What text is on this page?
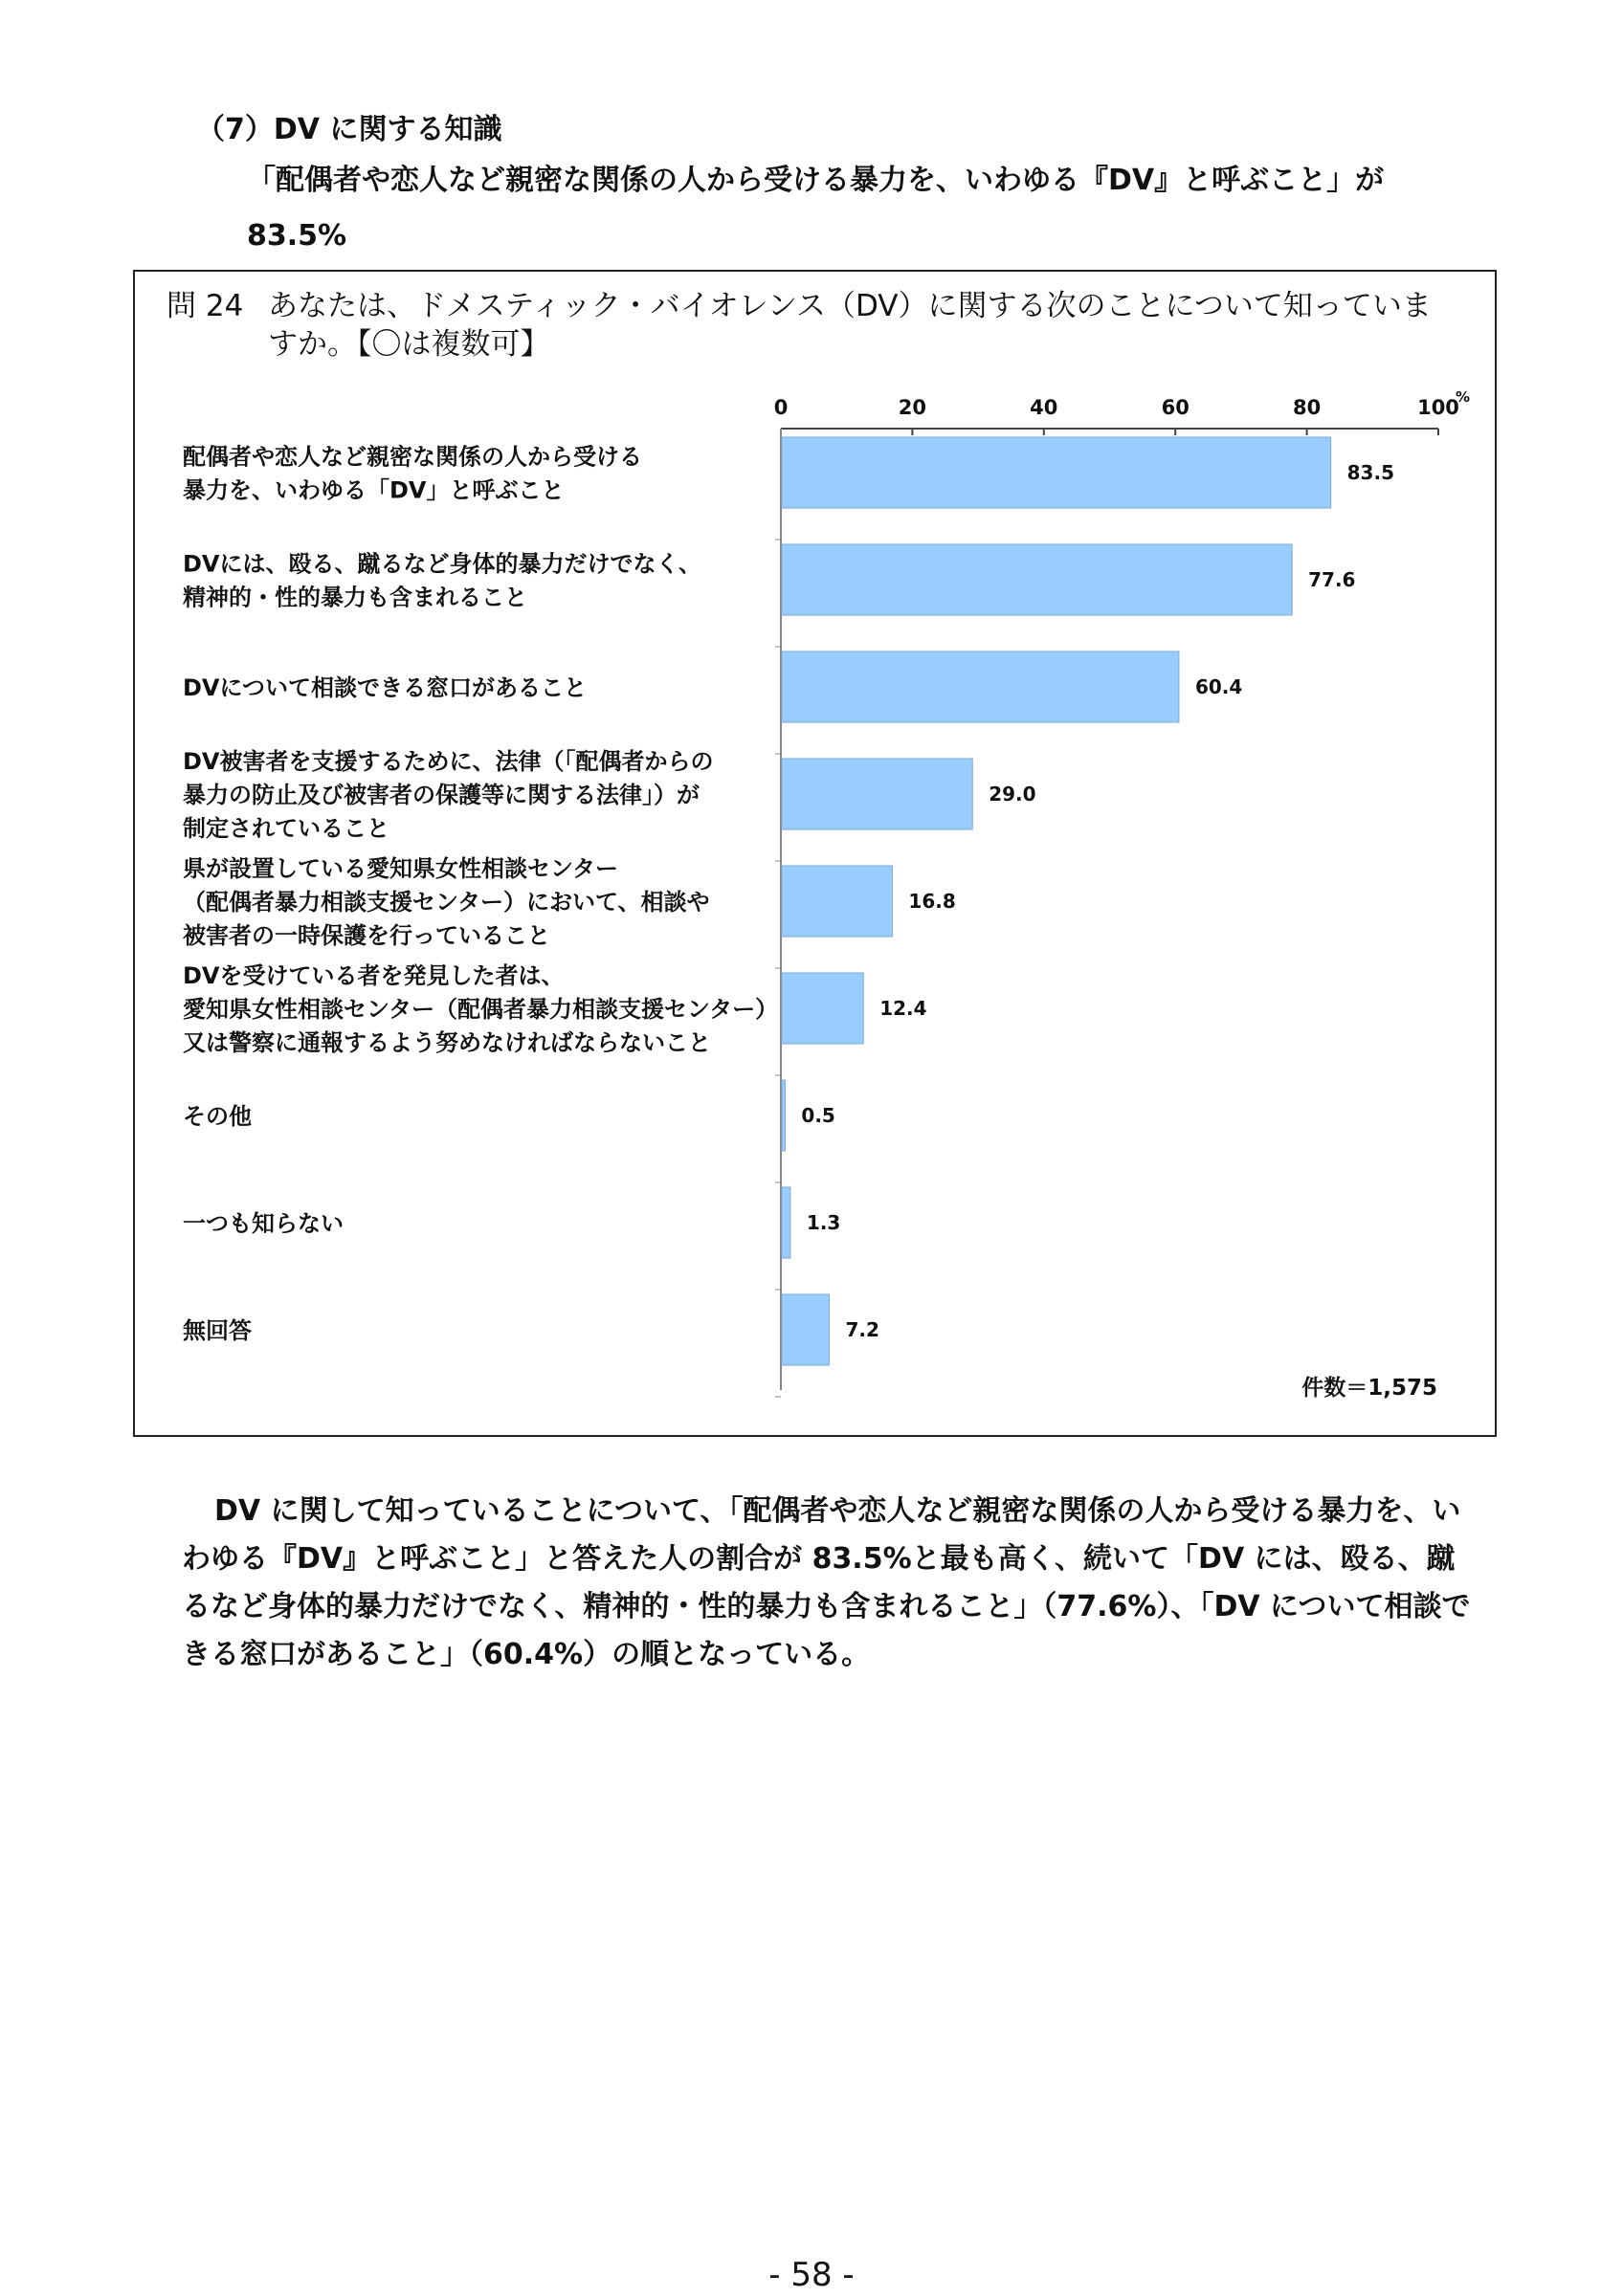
（7）DV に関する知識
「配偶者や恋人など親密な関係の人から受ける暴力を、いわゆる『DV』と呼ぶこと」が
83.5%
問 24 あなたは、ドメスティック・バイオレンス（DV）に関する次のことについて知っていま
すか。【〇は複数可】
0	20	40	60	80	100
%
83.5
配偶者や恋人など親密な関係の人から受ける
暴力を、いわゆる「DV」と呼ぶこと
77.6
DVには、殴る、蹴るなど身体的暴力だけでなく、
精神的・性的暴力も含まれること
60.4
DVについて相談できる窓口があること
29.0
DV被害者を支援するために、法律（「配偶者からの
暴力の防止及び被害者の保護等に関する法律」）が
制定されていること
16.8
県が設置している愛知県女性相談センター
（配偶者暴力相談支援センター）において、相談や
被害者の一時保護を行っていること
12.4
DVを受けている者を発見した者は、
愛知県女性相談センター（配偶者暴力相談支援センター）
又は警察に通報するよう努めなければならないこと
0.5
その他
1.3
一つも知らない
7.2
無回答
件数＝1,575
DV に関して知っていることについて、「配偶者や恋人など親密な関係の人から受ける暴力を、いわゆる『DV』と呼ぶこと」と答えた人の割合が 83.5%と最も高く、続いて「DV には、殴る、蹴るなど身体的暴力だけでなく、精神的・性的暴力も含まれること」（77.6%）、「DV について相談できる窓口があること」（60.4%）の順となっている。
- 58 -
